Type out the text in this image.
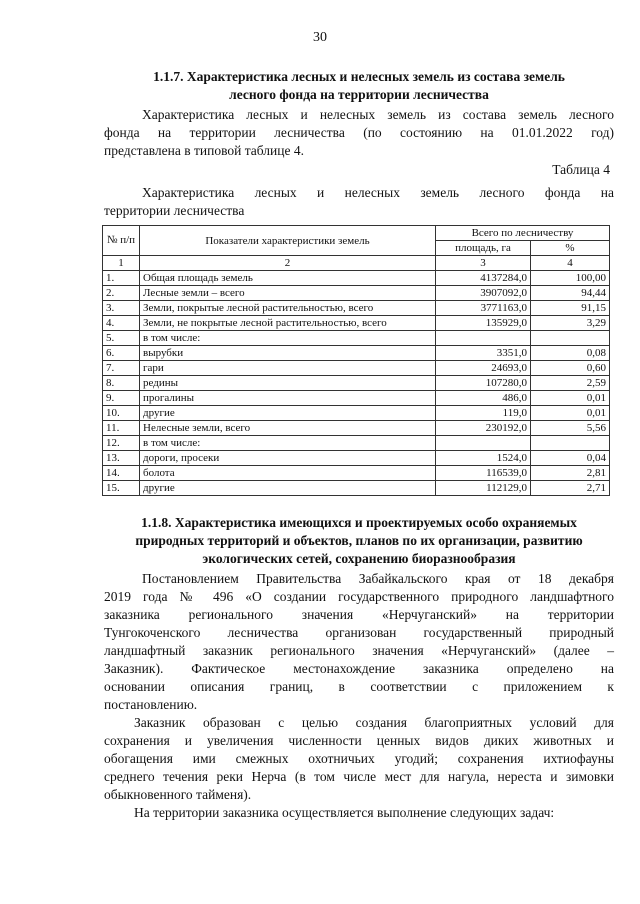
30
1.1.7. Характеристика лесных и нелесных земель из состава земель
лесного фонда на территории лесничества
Характеристика лесных и нелесных земель из состава земель лесного
фонда на территории лесничества (по состоянию на 01.01.2022 год)
представлена в типовой таблице 4.
Таблица 4
Характеристика лесных и нелесных земель лесного фонда на
территории лесничества
№ п/п	Показатели характеристики земель	Всего по лесничеству	
		площадь, га	%
1	2	3	4
1.	Общая площадь земель	4137284,0	100,00
2.	Лесные земли – всего	3907092,0	94,44
3.	Земли, покрытые лесной растительностью, всего	3771163,0	91,15
4.	Земли, не покрытые лесной растительностью, всего	135929,0	3,29
5.	в том числе:		
6.	вырубки	3351,0	0,08
7.	гари	24693,0	0,60
8.	редины	107280,0	2,59
9.	прогалины	486,0	0,01
10.	другие	119,0	0,01
11.	Нелесные земли, всего	230192,0	5,56
12.	в том числе:		
13.	дороги, просеки	1524,0	0,04
14.	болота	116539,0	2,81
15.	другие	112129,0	2,71
1.1.8. Характеристика имеющихся и проектируемых особо охраняемых
природных территорий и объектов, планов по их организации, развитию
экологических сетей, сохранению биоразнообразия
Постановлением Правительства Забайкальского края от 18 декабря
2019 года № 496 «О создании государственного природного ландшафтного
заказника регионального значения «Нерчуганский» на территории
Тунгокоченского лесничества организован государственный природный
ландшафтный заказник регионального значения «Нерчуганский» (далее –
Заказник). Фактическое местонахождение заказника определено на
основании описания границ, в соответствии с приложением к
постановлению.
Заказник образован с целью создания благоприятных условий для
сохранения и увеличения численности ценных видов диких животных и
обогащения ими смежных охотничьих угодий; сохранения ихтиофауны
среднего течения реки Нерча (в том числе мест для нагула, нереста и зимовки
обыкновенного тайменя).
На территории заказника осуществляется выполнение следующих задач:
